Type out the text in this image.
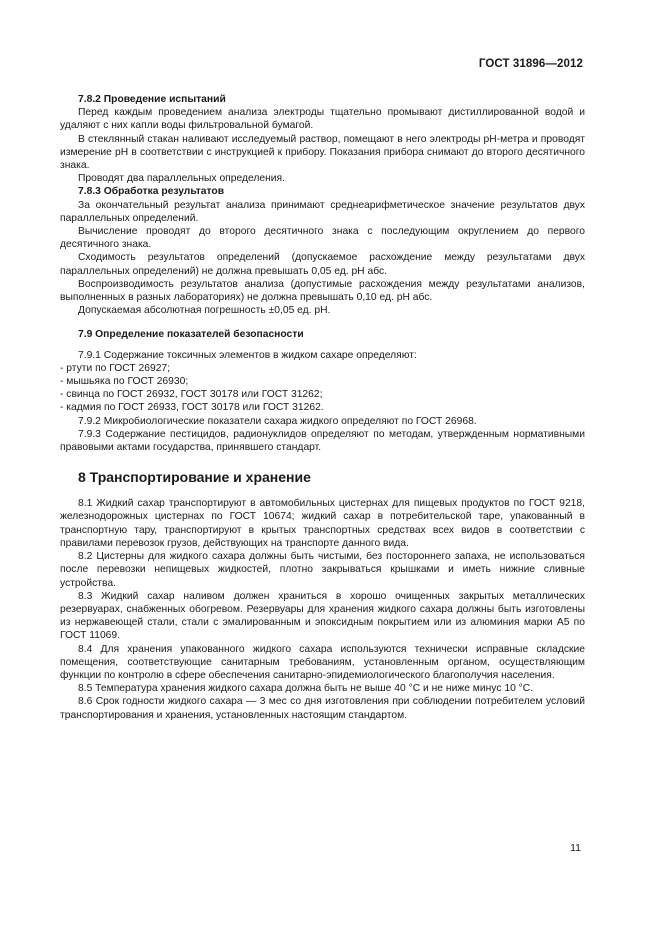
ГОСТ 31896—2012

7.8.2 Проведение испытаний

Перед каждым проведением анализа электроды тщательно промывают дистиллированной водой и удаляют с них капли воды фильтровальной бумагой.

В стеклянный стакан наливают исследуемый раствор, помещают в него электроды pH-метра и проводят измерение pH в соответствии с инструкцией к прибору. Показания прибора снимают до второго десятичного знака.

Проводят два параллельных определения.

7.8.3 Обработка результатов

За окончательный результат анализа принимают среднеарифметическое значение результатов двух параллельных определений.

Вычисление проводят до второго десятичного знака с последующим округлением до первого десятичного знака.

Сходимость результатов определений (допускаемое расхождение между результатами двух параллельных определений) не должна превышать 0,05 ед. pH абс.

Воспроизводимость результатов анализа (допустимые расхождения между результатами анализов, выполненных в разных лабораториях) не должна превышать 0,10 ед. pH абс.

Допускаемая абсолютная погрешность ±0,05 ед. pH.

7.9 Определение показателей безопасности

7.9.1 Содержание токсичных элементов в жидком сахаре определяют:

- ртути по ГОСТ 26927;

- мышьяка по ГОСТ 26930;

- свинца по ГОСТ 26932, ГОСТ 30178 или ГОСТ 31262;

- кадмия по ГОСТ 26933, ГОСТ 30178 или ГОСТ 31262.

7.9.2 Микробиологические показатели сахара жидкого определяют по ГОСТ 26968.

7.9.3 Содержание пестицидов, радионуклидов определяют по методам, утвержденным нормативными правовыми актами государства, принявшего стандарт.

8 Транспортирование и хранение

8.1 Жидкий сахар транспортируют в автомобильных цистернах для пищевых продуктов по ГОСТ 9218, железнодорожных цистернах по ГОСТ 10674; жидкий сахар в потребительской таре, упакованный в транспортную тару, транспортируют в крытых транспортных средствах всех видов в соответствии с правилами перевозок грузов, действующих на транспорте данного вида.

8.2 Цистерны для жидкого сахара должны быть чистыми, без постороннего запаха, не использоваться после перевозки непищевых жидкостей, плотно закрываться крышками и иметь нижние сливные устройства.

8.3 Жидкий сахар наливом должен храниться в хорошо очищенных закрытых металлических резервуарах, снабженных обогревом. Резервуары для хранения жидкого сахара должны быть изготовлены из нержавеющей стали, стали с эмалированным и эпоксидным покрытием или из алюминия марки А5 по ГОСТ 11069.

8.4 Для хранения упакованного жидкого сахара используются технически исправные складские помещения, соответствующие санитарным требованиям, установленным органом, осуществляющим функции по контролю в сфере обеспечения санитарно-эпидемиологического благополучия населения.

8.5 Температура хранения жидкого сахара должна быть не выше 40 °С и не ниже минус 10 °С.

8.6 Срок годности жидкого сахара — 3 мес со дня изготовления при соблюдении потребителем условий транспортирования и хранения, установленных настоящим стандартом.

11
